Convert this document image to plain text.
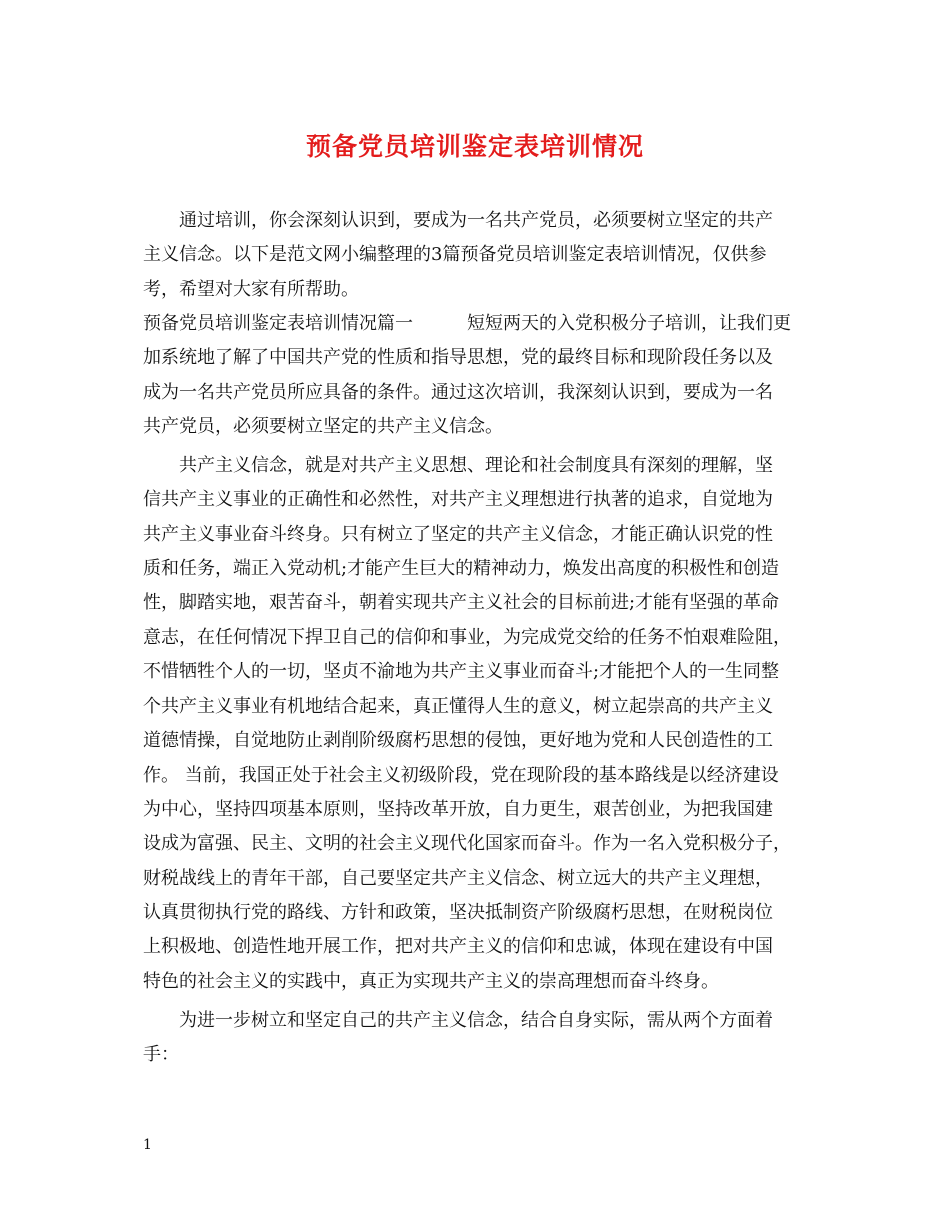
预备党员培训鉴定表培训情况
　　通过培训，你会深刻认识到，要成为一名共产党员，必须要树立坚定的共产
主义信念。以下是范文网小编整理的3篇预备党员培训鉴定表培训情况，仅供参
考，希望对大家有所帮助。
预备党员培训鉴定表培训情况篇一　　　短短两天的入党积极分子培训，让我们更
加系统地了解了中国共产党的性质和指导思想，党的最终目标和现阶段任务以及
成为一名共产党员所应具备的条件。通过这次培训，我深刻认识到，要成为一名
共产党员，必须要树立坚定的共产主义信念。
　　共产主义信念，就是对共产主义思想、理论和社会制度具有深刻的理解，坚
信共产主义事业的正确性和必然性，对共产主义理想进行执著的追求，自觉地为
共产主义事业奋斗终身。只有树立了坚定的共产主义信念，才能正确认识党的性
质和任务，端正入党动机;才能产生巨大的精神动力，焕发出高度的积极性和创造
性，脚踏实地，艰苦奋斗，朝着实现共产主义社会的目标前进;才能有坚强的革命
意志，在任何情况下捍卫自己的信仰和事业，为完成党交给的任务不怕艰难险阻，
不惜牺牲个人的一切，坚贞不渝地为共产主义事业而奋斗;才能把个人的一生同整
个共产主义事业有机地结合起来，真正懂得人生的意义，树立起崇高的共产主义
道德情操，自觉地防止剥削阶级腐朽思想的侵蚀，更好地为党和人民创造性的工
作。 当前，我国正处于社会主义初级阶段，党在现阶段的基本路线是以经济建设
为中心，坚持四项基本原则，坚持改革开放，自力更生，艰苦创业，为把我国建
设成为富强、民主、文明的社会主义现代化国家而奋斗。作为一名入党积极分子，
财税战线上的青年干部，自己要坚定共产主义信念、树立远大的共产主义理想，
认真贯彻执行党的路线、方针和政策，坚决抵制资产阶级腐朽思想，在财税岗位
上积极地、创造性地开展工作，把对共产主义的信仰和忠诚，体现在建设有中国
特色的社会主义的实践中，真正为实现共产主义的崇高理想而奋斗终身。
　　为进一步树立和坚定自己的共产主义信念，结合自身实际，需从两个方面着
手：
1
